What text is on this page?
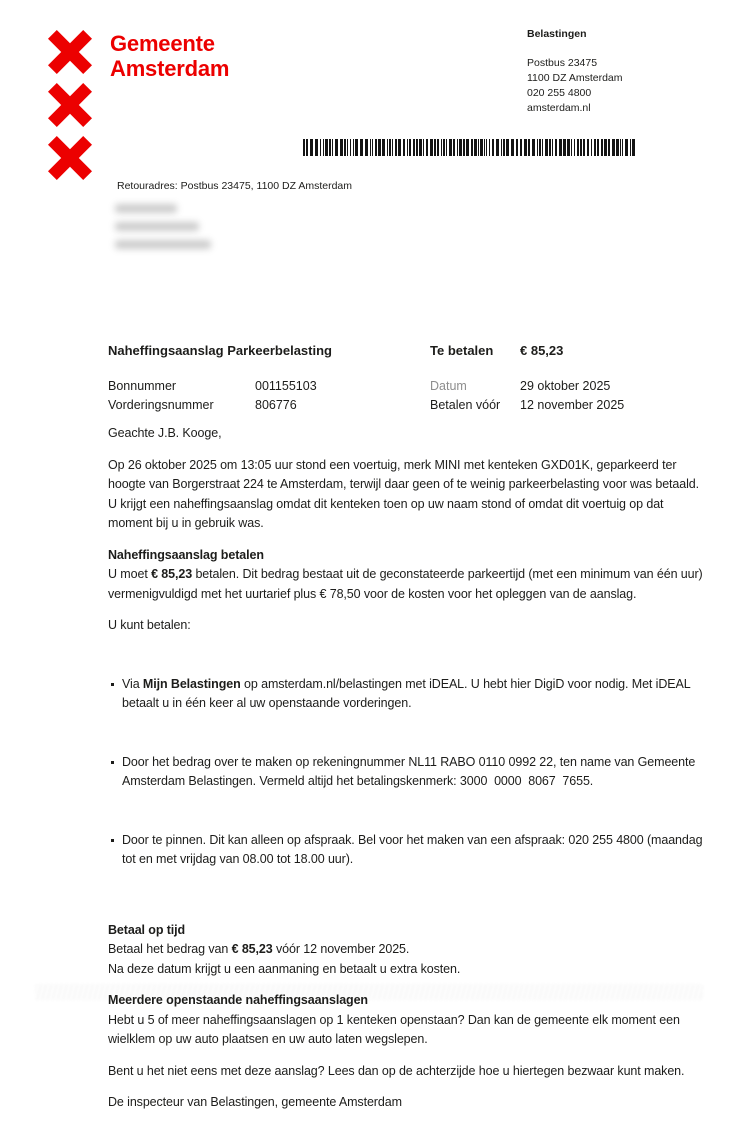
Gemeente
Amsterdam
Belastingen
Postbus 23475
1100 DZ Amsterdam
020 255 4800
amsterdam.nl
Retouradres: Postbus 23475, 1100 DZ Amsterdam
Naheffingsaanslag Parkeerbelasting	Te betalen	€ 85,23
Bonnummer	001155103	Datum	29 oktober 2025
Vorderingsnummer	806776	Betalen vóór	12 november 2025

Geachte J.B. Kooge,

Op 26 oktober 2025 om 13:05 uur stond een voertuig, merk MINI met kenteken GXD01K, geparkeerd ter hoogte van Borgerstraat 224 te Amsterdam, terwijl daar geen of te weinig parkeerbelasting voor was betaald. U krijgt een naheffingsaanslag omdat dit kenteken toen op uw naam stond of omdat dit voertuig op dat moment bij u in gebruik was.

Naheffingsaanslag betalen

U moet € 85,23 betalen. Dit bedrag bestaat uit de geconstateerde parkeertijd (met een minimum van één uur) vermenigvuldigd met het uurtarief plus € 78,50 voor de kosten voor het opleggen van de aanslag.

U kunt betalen:

Via Mijn Belastingen op amsterdam.nl/belastingen met iDEAL. U hebt hier DigiD voor nodig. Met iDEAL betaalt u in één keer al uw openstaande vorderingen.

Door het bedrag over te maken op rekeningnummer NL11 RABO 0110 0992 22, ten name van Gemeente Amsterdam Belastingen. Vermeld altijd het betalingskenmerk: 3000  0000  8067  7655.

Door te pinnen. Dit kan alleen op afspraak. Bel voor het maken van een afspraak: 020 255 4800 (maandag tot en met vrijdag van 08.00 tot 18.00 uur).

Betaal op tijd

Betaal het bedrag van € 85,23 vóór 12 november 2025.

Na deze datum krijgt u een aanmaning en betaalt u extra kosten.

Meerdere openstaande naheffingsaanslagen

Hebt u 5 of meer naheffingsaanslagen op 1 kenteken openstaan? Dan kan de gemeente elk moment een wielklem op uw auto plaatsen en uw auto laten wegslepen.

Bent u het niet eens met deze aanslag? Lees dan op de achterzijde hoe u hiertegen bezwaar kunt maken.

De inspecteur van Belastingen, gemeente Amsterdam
